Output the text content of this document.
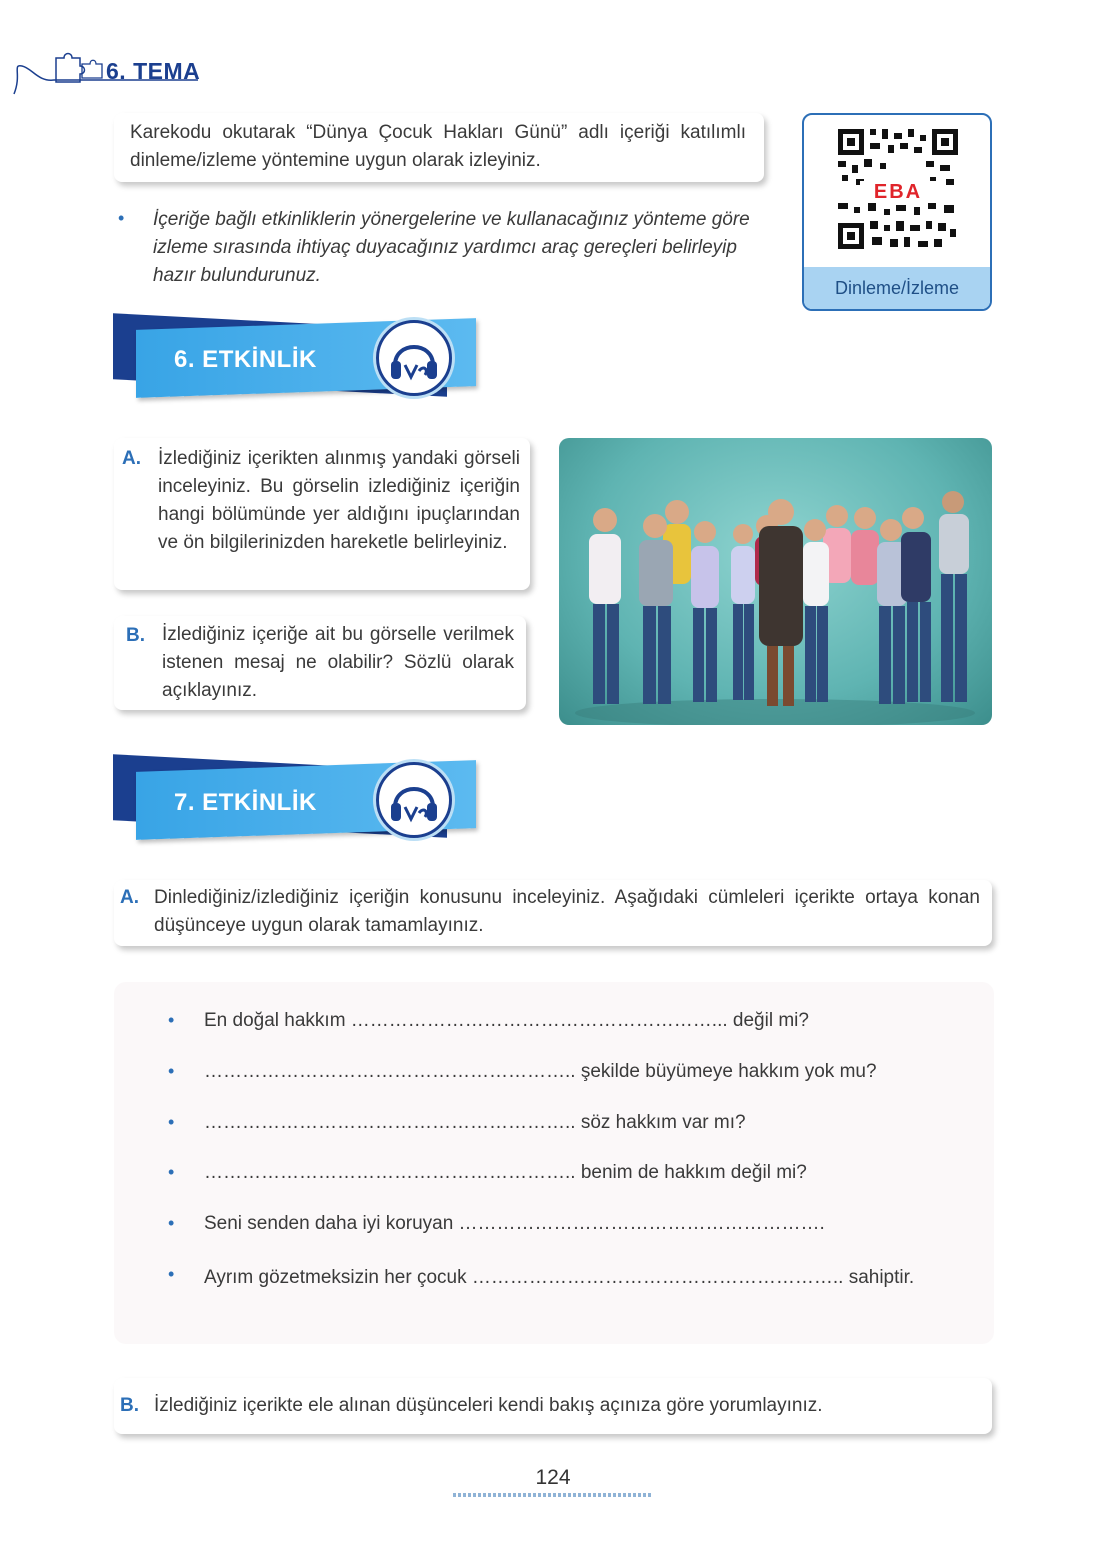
6. TEMA
Karekodu okutarak “Dünya Çocuk Hakları Günü” adlı içeriği katılımlı dinleme/izleme yöntemine uygun olarak izleyiniz.
• İçeriğe bağlı etkinliklerin yönergelerine ve kullanacağınız yönteme göre izleme sırasında ihtiyaç duyacağınız yardımcı araç gereçleri belirleyip hazır bulundurunuz.
EBA
Dinleme/İzleme
6. ETKİNLİK
A. İzlediğiniz içerikten alınmış yandaki görseli inceleyiniz. Bu görselin izlediğiniz içeriğin hangi bölümünde yer aldığını ipuçlarından ve ön bilgilerinizden hareketle belirleyiniz.
B. İzlediğiniz içeriğe ait bu görselle verilmek istenen mesaj ne olabilir? Sözlü olarak açıklayınız.
7. ETKİNLİK
A. Dinlediğiniz/izlediğiniz içeriğin konusunu inceleyiniz. Aşağıdaki cümleleri içerikte ortaya konan düşünceye uygun olarak tamamlayınız.
• En doğal hakkım …………………………………………………... değil mi?
• ………………………………………………….. şekilde büyümeye hakkım yok mu?
• ………………………………………………….. söz hakkım var mı?
• ………………………………………………….. benim de hakkım değil mi?
• Seni senden daha iyi koruyan ………………………………………………….
• Ayrım gözetmeksizin her çocuk ………………………………………………….. sahiptir.
B. İzlediğiniz içerikte ele alınan düşünceleri kendi bakış açınıza göre yorumlayınız.
124
